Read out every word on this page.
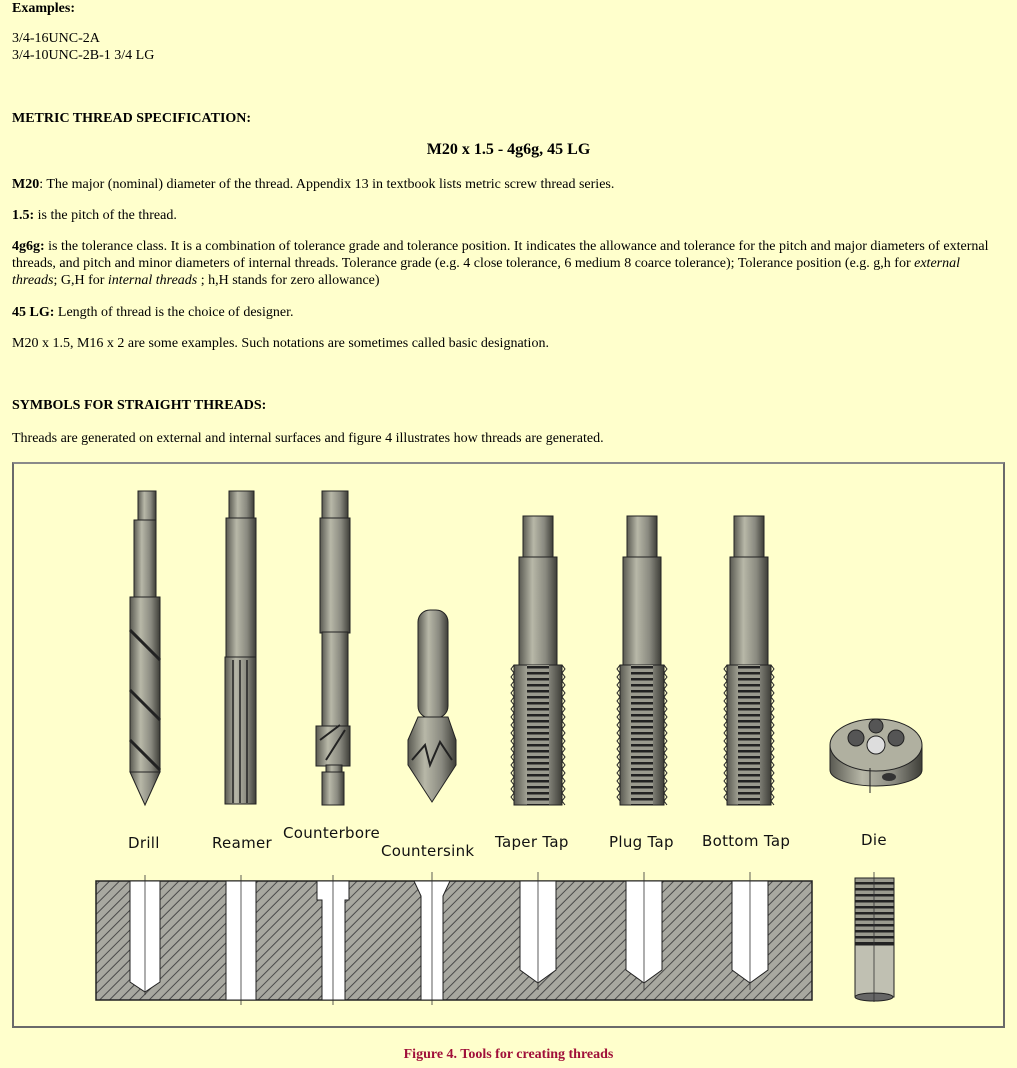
Examples:
3/4-16UNC-2A
3/4-10UNC-2B-1 3/4 LG
METRIC THREAD SPECIFICATION:
M20 x 1.5 - 4g6g, 45 LG
M20: The major (nominal) diameter of the thread. Appendix 13 in textbook lists metric screw thread series.
1.5: is the pitch of the thread.
4g6g: is the tolerance class. It is a combination of tolerance grade and tolerance position. It indicates the allowance and tolerance for the pitch and major diameters of external threads, and pitch and minor diameters of internal threads. Tolerance grade (e.g. 4 close tolerance, 6 medium 8 coarce tolerance); Tolerance position (e.g. g,h for external threads; G,H for internal threads ; h,H stands for zero allowance)
45 LG: Length of thread is the choice of designer.
M20 x 1.5, M16 x 2 are some examples. Such notations are sometimes called basic designation.
SYMBOLS FOR STRAIGHT THREADS:
Threads are generated on external and internal surfaces and figure 4 illustrates how threads are generated.
Drill	Reamer
Counterbore
Countersink Taper Tap	Plug Tap Bottom Tap	Die
Figure 4. Tools for creating threads
